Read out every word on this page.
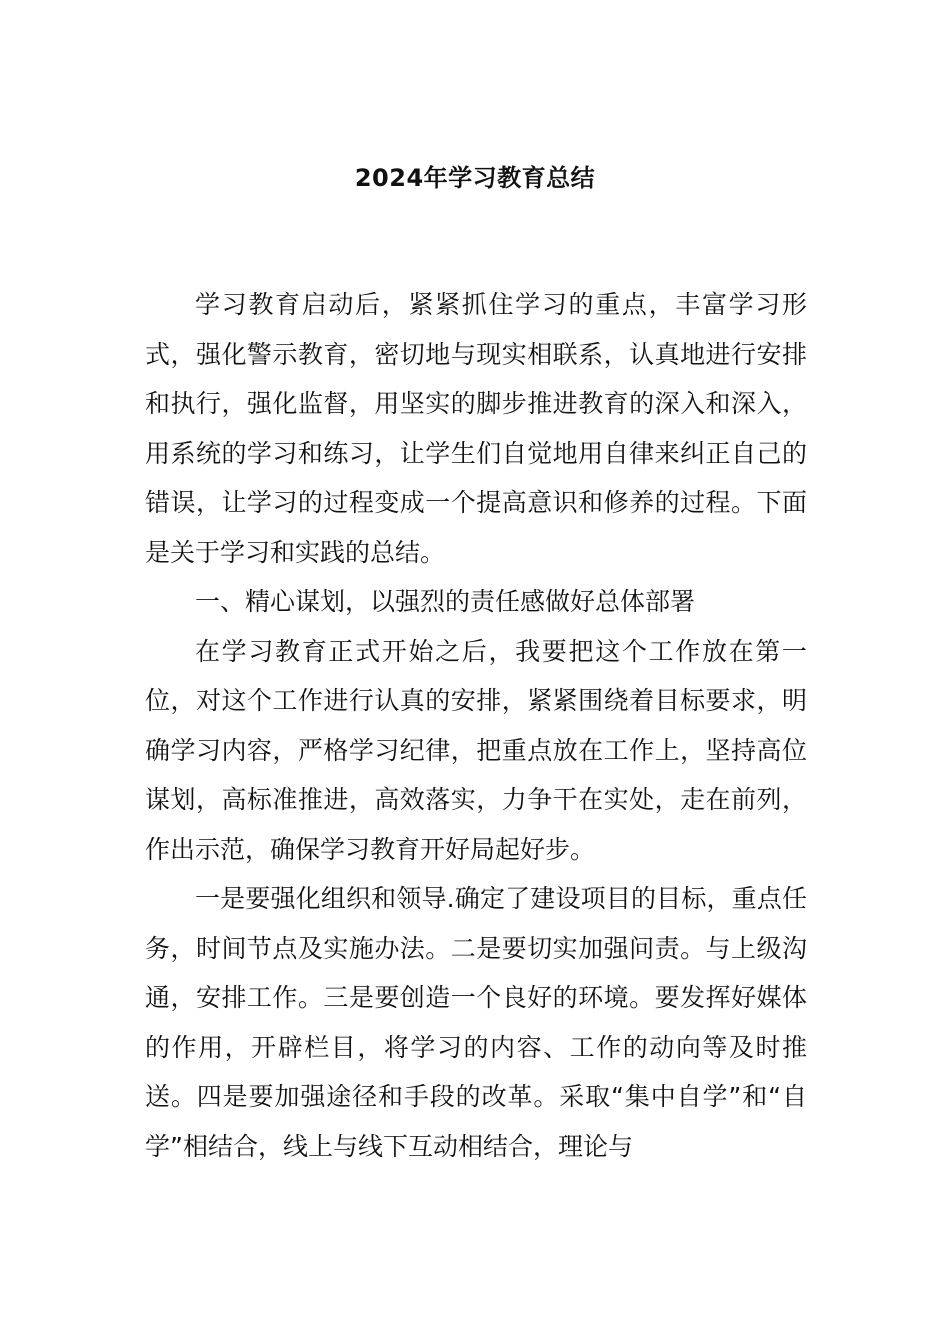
2024年学习教育总结

学习教育启动后，紧紧抓住学习的重点，丰富学习形式，强化警示教育，密切地与现实相联系，认真地进行安排和执行，强化监督，用坚实的脚步推进教育的深入和深入，用系统的学习和练习，让学生们自觉地用自律来纠正自己的错误，让学习的过程变成一个提高意识和修养的过程。下面是关于学习和实践的总结。

一、精心谋划，以强烈的责任感做好总体部署

在学习教育正式开始之后，我要把这个工作放在第一位，对这个工作进行认真的安排，紧紧围绕着目标要求，明确学习内容，严格学习纪律，把重点放在工作上，坚持高位谋划，高标准推进，高效落实，力争干在实处，走在前列，作出示范，确保学习教育开好局起好步。

一是要强化组织和领导.确定了建设项目的目标，重点任务，时间节点及实施办法。二是要切实加强问责。与上级沟通，安排工作。三是要创造一个良好的环境。要发挥好媒体的作用，开辟栏目，将学习的内容、工作的动向等及时推送。四是要加强途径和手段的改革。采取“集中自学”和“自学”相结合，线上与线下互动相结合，理论与
